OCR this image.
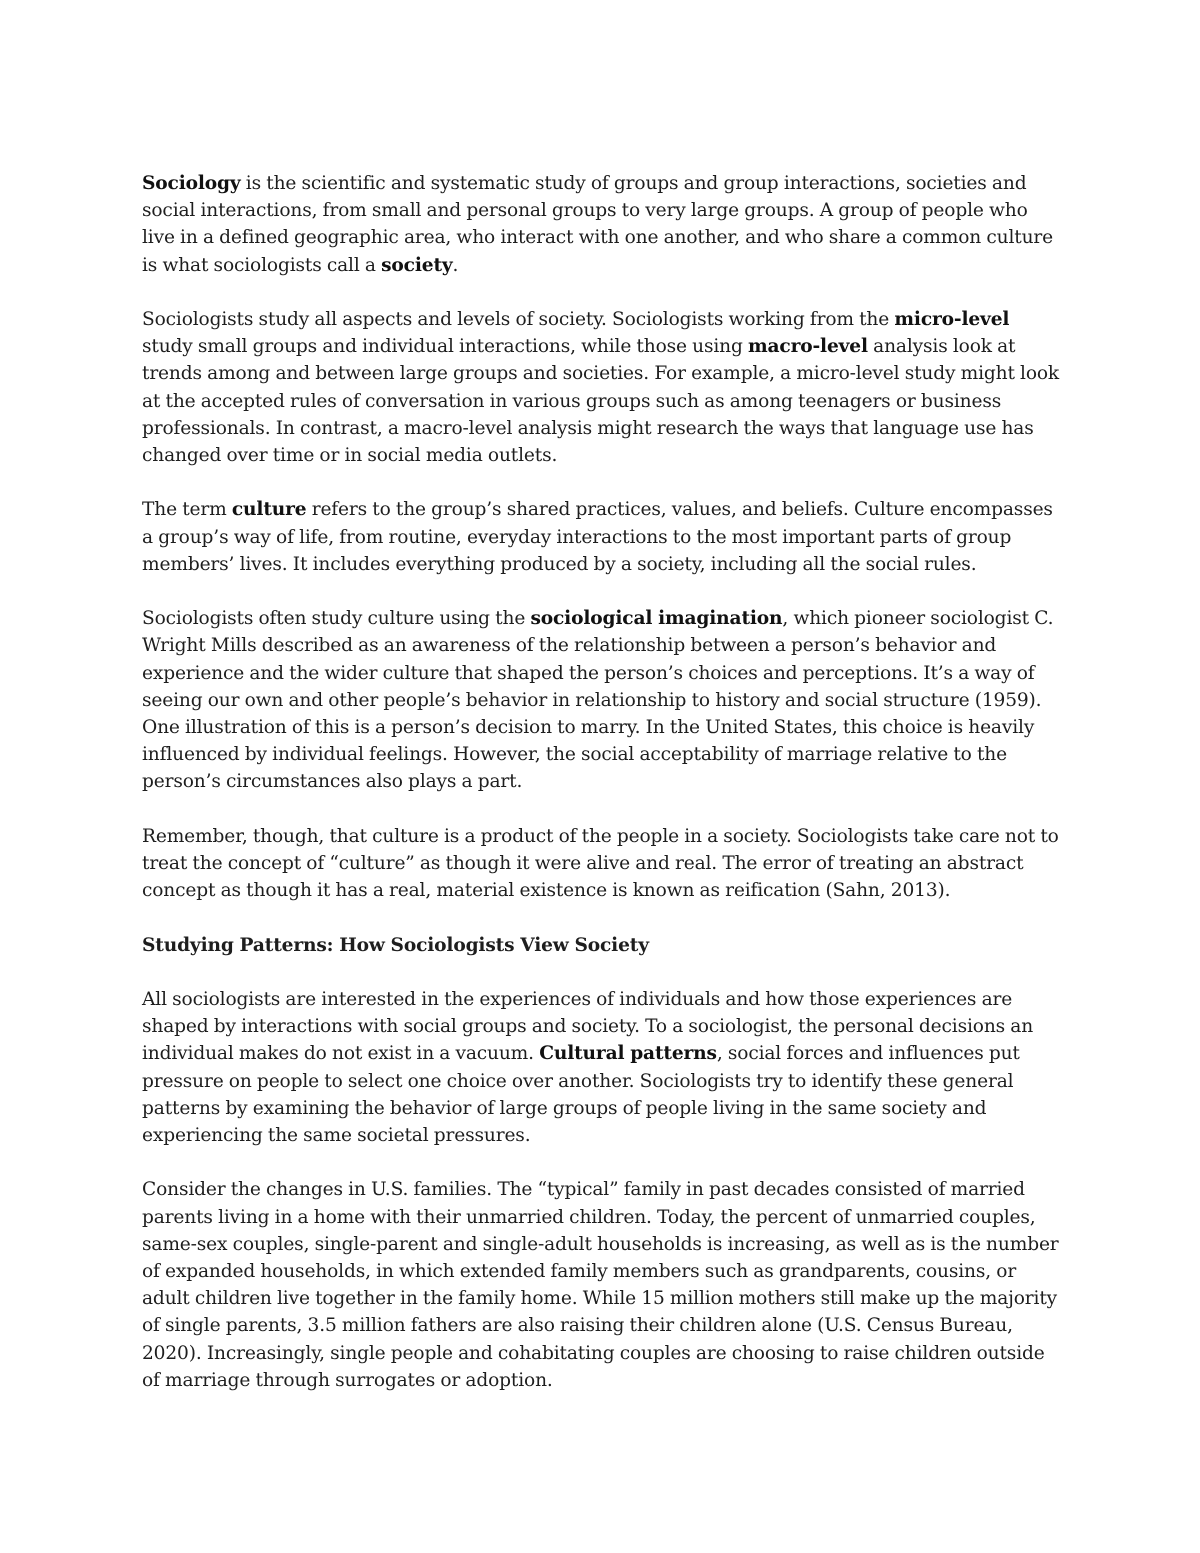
Sociology is the scientific and systematic study of groups and group interactions, societies and social interactions, from small and personal groups to very large groups. A group of people who live in a defined geographic area, who interact with one another, and who share a common culture is what sociologists call a society.

Sociologists study all aspects and levels of society. Sociologists working from the micro-level study small groups and individual interactions, while those using macro-level analysis look at trends among and between large groups and societies. For example, a micro-level study might look at the accepted rules of conversation in various groups such as among teenagers or business professionals. In contrast, a macro-level analysis might research the ways that language use has changed over time or in social media outlets.

The term culture refers to the group’s shared practices, values, and beliefs. Culture encompasses a group’s way of life, from routine, everyday interactions to the most important parts of group members’ lives. It includes everything produced by a society, including all the social rules.

Sociologists often study culture using the sociological imagination, which pioneer sociologist C. Wright Mills described as an awareness of the relationship between a person’s behavior and experience and the wider culture that shaped the person’s choices and perceptions. It’s a way of seeing our own and other people’s behavior in relationship to history and social structure (1959). One illustration of this is a person’s decision to marry. In the United States, this choice is heavily influenced by individual feelings. However, the social acceptability of marriage relative to the person’s circumstances also plays a part.

Remember, though, that culture is a product of the people in a society. Sociologists take care not to treat the concept of “culture” as though it were alive and real. The error of treating an abstract concept as though it has a real, material existence is known as reification (Sahn, 2013).

Studying Patterns: How Sociologists View Society

All sociologists are interested in the experiences of individuals and how those experiences are shaped by interactions with social groups and society. To a sociologist, the personal decisions an individual makes do not exist in a vacuum. Cultural patterns, social forces and influences put pressure on people to select one choice over another. Sociologists try to identify these general patterns by examining the behavior of large groups of people living in the same society and experiencing the same societal pressures.

Consider the changes in U.S. families. The “typical” family in past decades consisted of married parents living in a home with their unmarried children. Today, the percent of unmarried couples, same-sex couples, single-parent and single-adult households is increasing, as well as is the number of expanded households, in which extended family members such as grandparents, cousins, or adult children live together in the family home. While 15 million mothers still make up the majority of single parents, 3.5 million fathers are also raising their children alone (U.S. Census Bureau, 2020). Increasingly, single people and cohabitating couples are choosing to raise children outside of marriage through surrogates or adoption.
